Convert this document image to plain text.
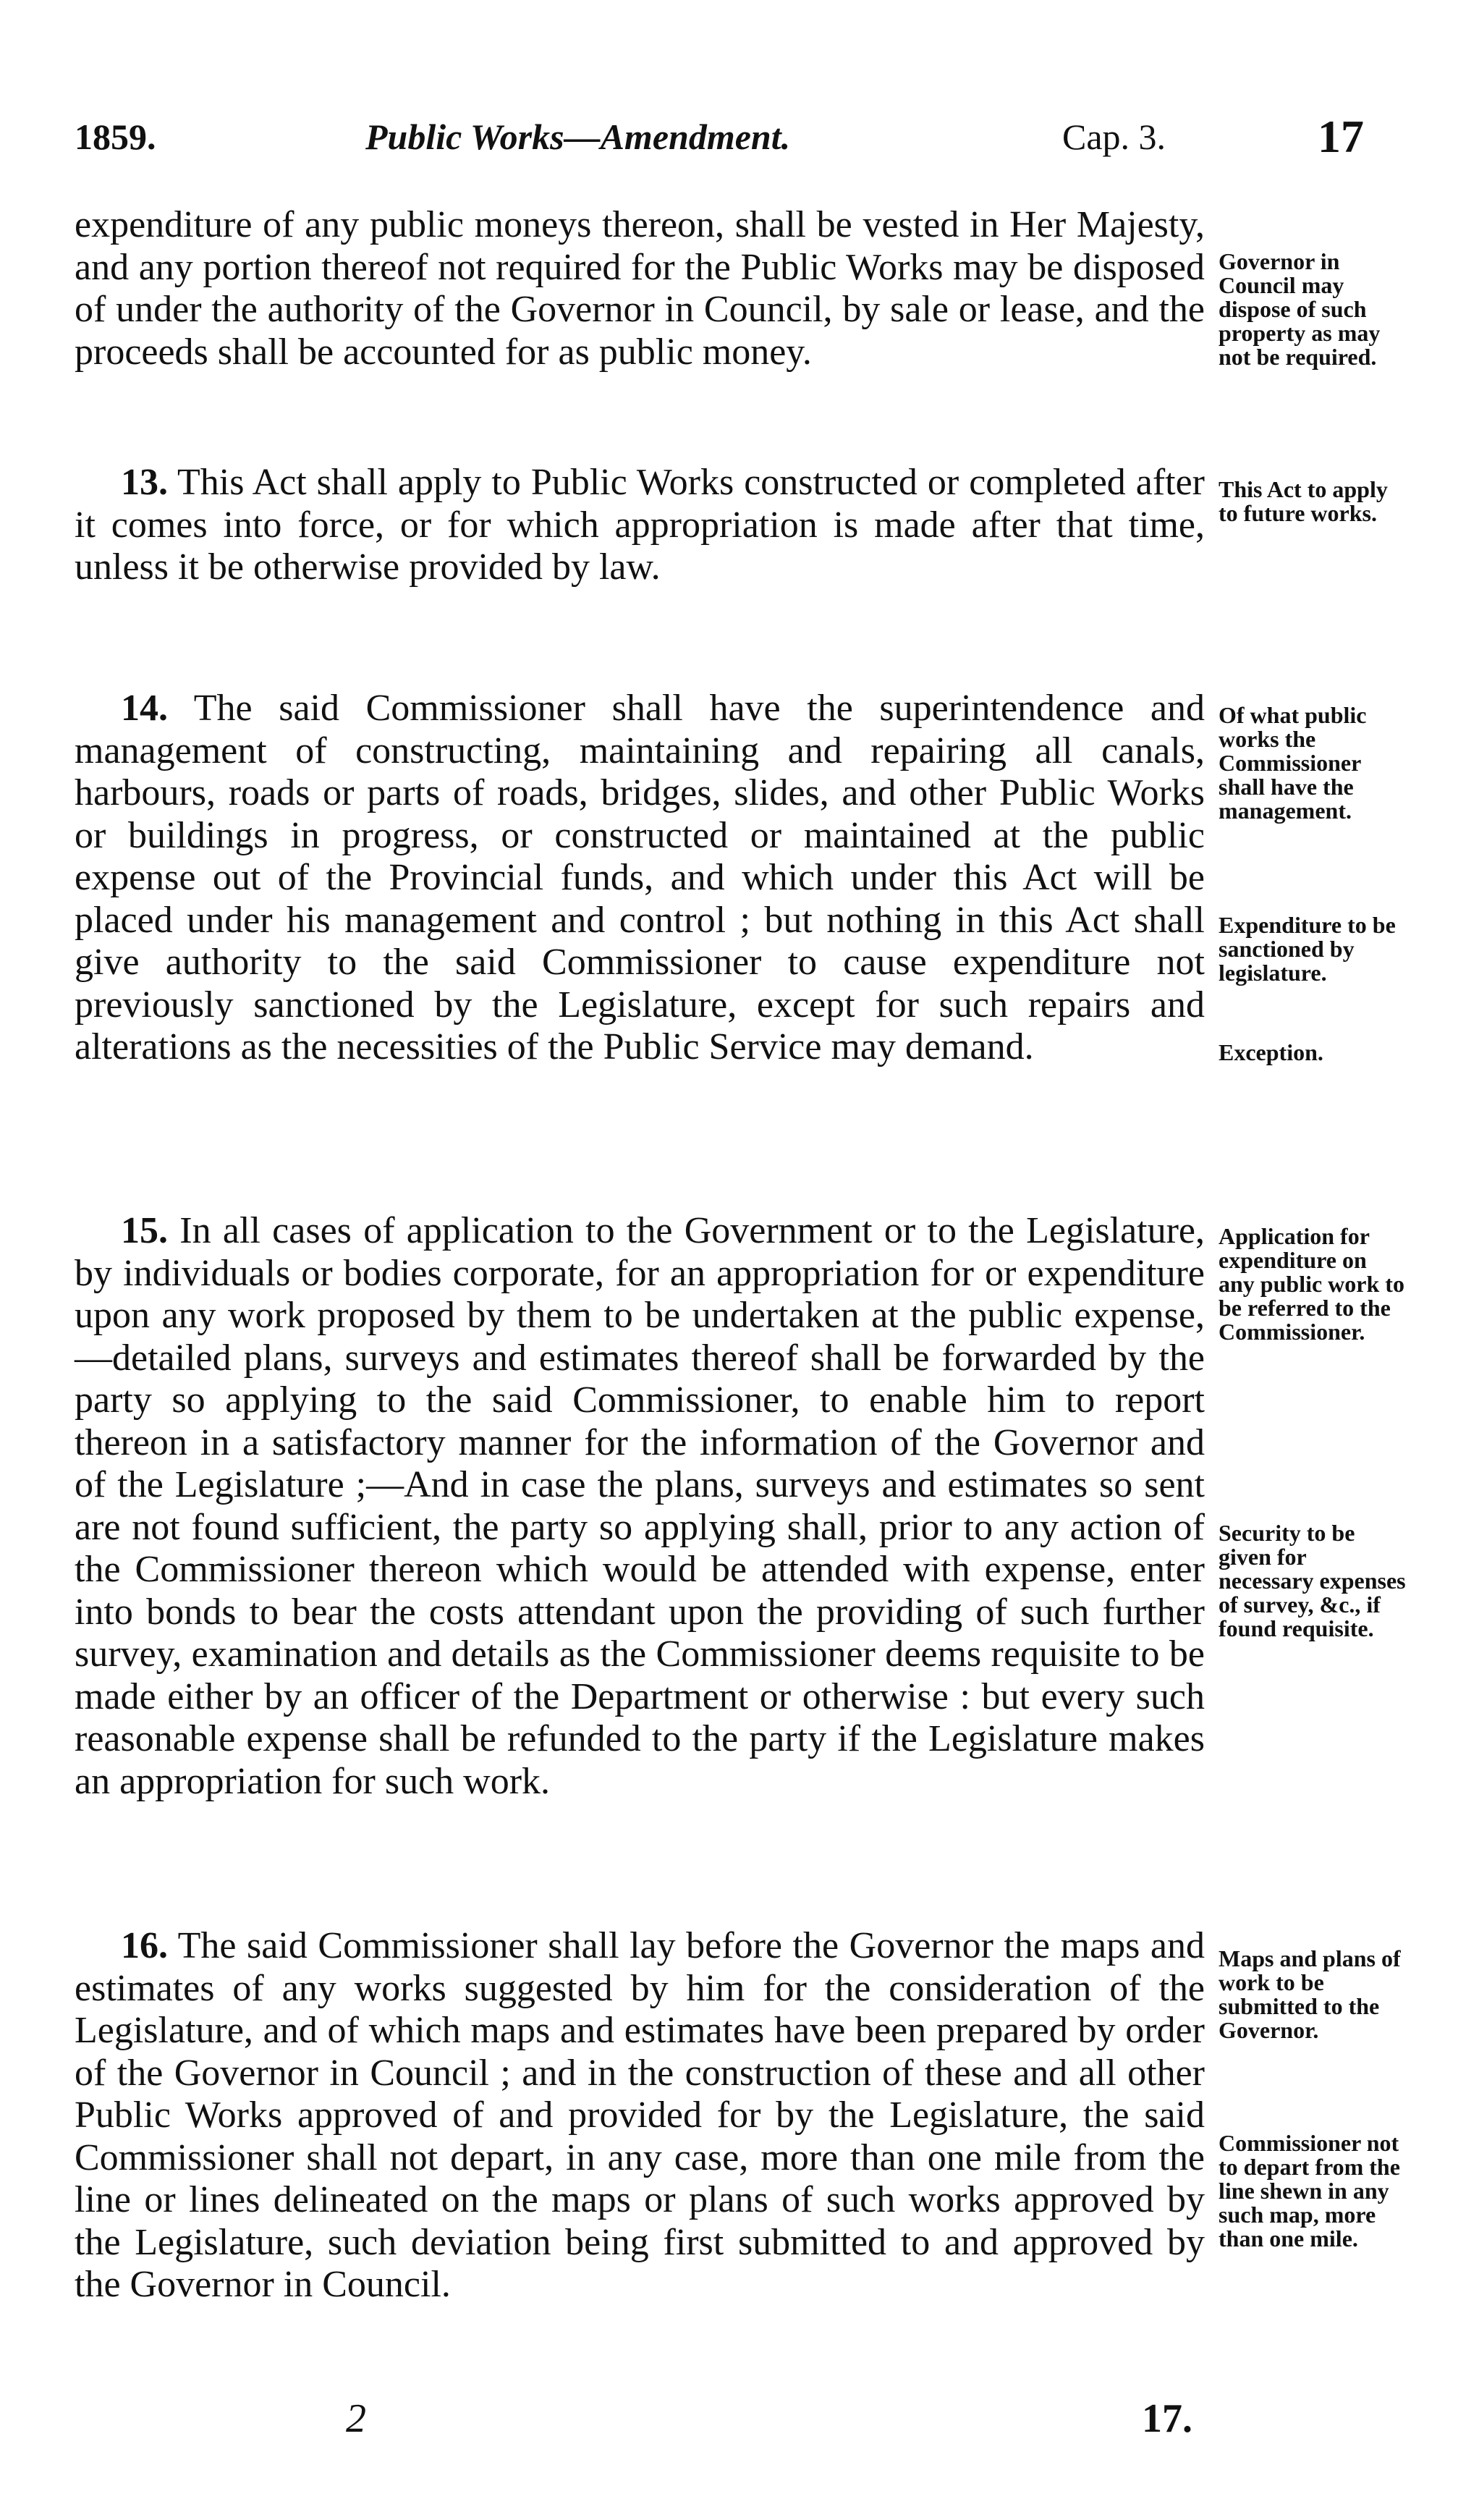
1859.	Public Works—Amendment.	Cap. 3.	17

expenditure of any public moneys thereon, shall be vested in Her Majesty, and any portion thereof not required for the Public Works may be disposed of under the authority of the Governor in Council, by sale or lease, and the proceeds shall be accounted for as public money.

13. This Act shall apply to Public Works constructed or completed after it comes into force, or for which appropriation is made after that time, unless it be otherwise provided by law.

14. The said Commissioner shall have the superintendence and management of constructing, maintaining and repairing all canals, harbours, roads or parts of roads, bridges, slides, and other Public Works or buildings in progress, or constructed or maintained at the public expense out of the Provincial funds, and which under this Act will be placed under his management and control ; but nothing in this Act shall give authority to the said Commissioner to cause expenditure not previously sanctioned by the Legislature, except for such repairs and alterations as the necessities of the Public Service may demand.

15. In all cases of application to the Government or to the Legislature, by individuals or bodies corporate, for an appropriation for or expenditure upon any work proposed by them to be undertaken at the public expense,—detailed plans, surveys and estimates thereof shall be forwarded by the party so applying to the said Commissioner, to enable him to report thereon in a satisfactory manner for the information of the Governor and of the Legislature ;—And in case the plans, surveys and estimates so sent are not found sufficient, the party so applying shall, prior to any action of the Commissioner thereon which would be attended with expense, enter into bonds to bear the costs attendant upon the providing of such further survey, examination and details as the Commissioner deems requisite to be made either by an officer of the Department or otherwise : but every such reasonable expense shall be refunded to the party if the Legislature makes an appropriation for such work.

16. The said Commissioner shall lay before the Governor the maps and estimates of any works suggested by him for the consideration of the Legislature, and of which maps and estimates have been prepared by order of the Governor in Council ; and in the construction of these and all other Public Works approved of and provided for by the Legislature, the said Commissioner shall not depart, in any case, more than one mile from the line or lines delineated on the maps or plans of such works approved by the Legislature, such deviation being first submitted to and approved by the Governor in Council.

Governor in Council may dispose of such property as may not be required.
This Act to apply to future works.
Of what public works the Commissioner shall have the management.
Expenditure to be sanctioned by legislature.
Exception.
Application for expenditure on any public work to be referred to the Commissioner.
Security to be given for necessary expenses of survey, &c., if found requisite.
Maps and plans of work to be submitted to the Governor.
Commissioner not to depart from the line shewn in any such map, more than one mile.
2	17.
